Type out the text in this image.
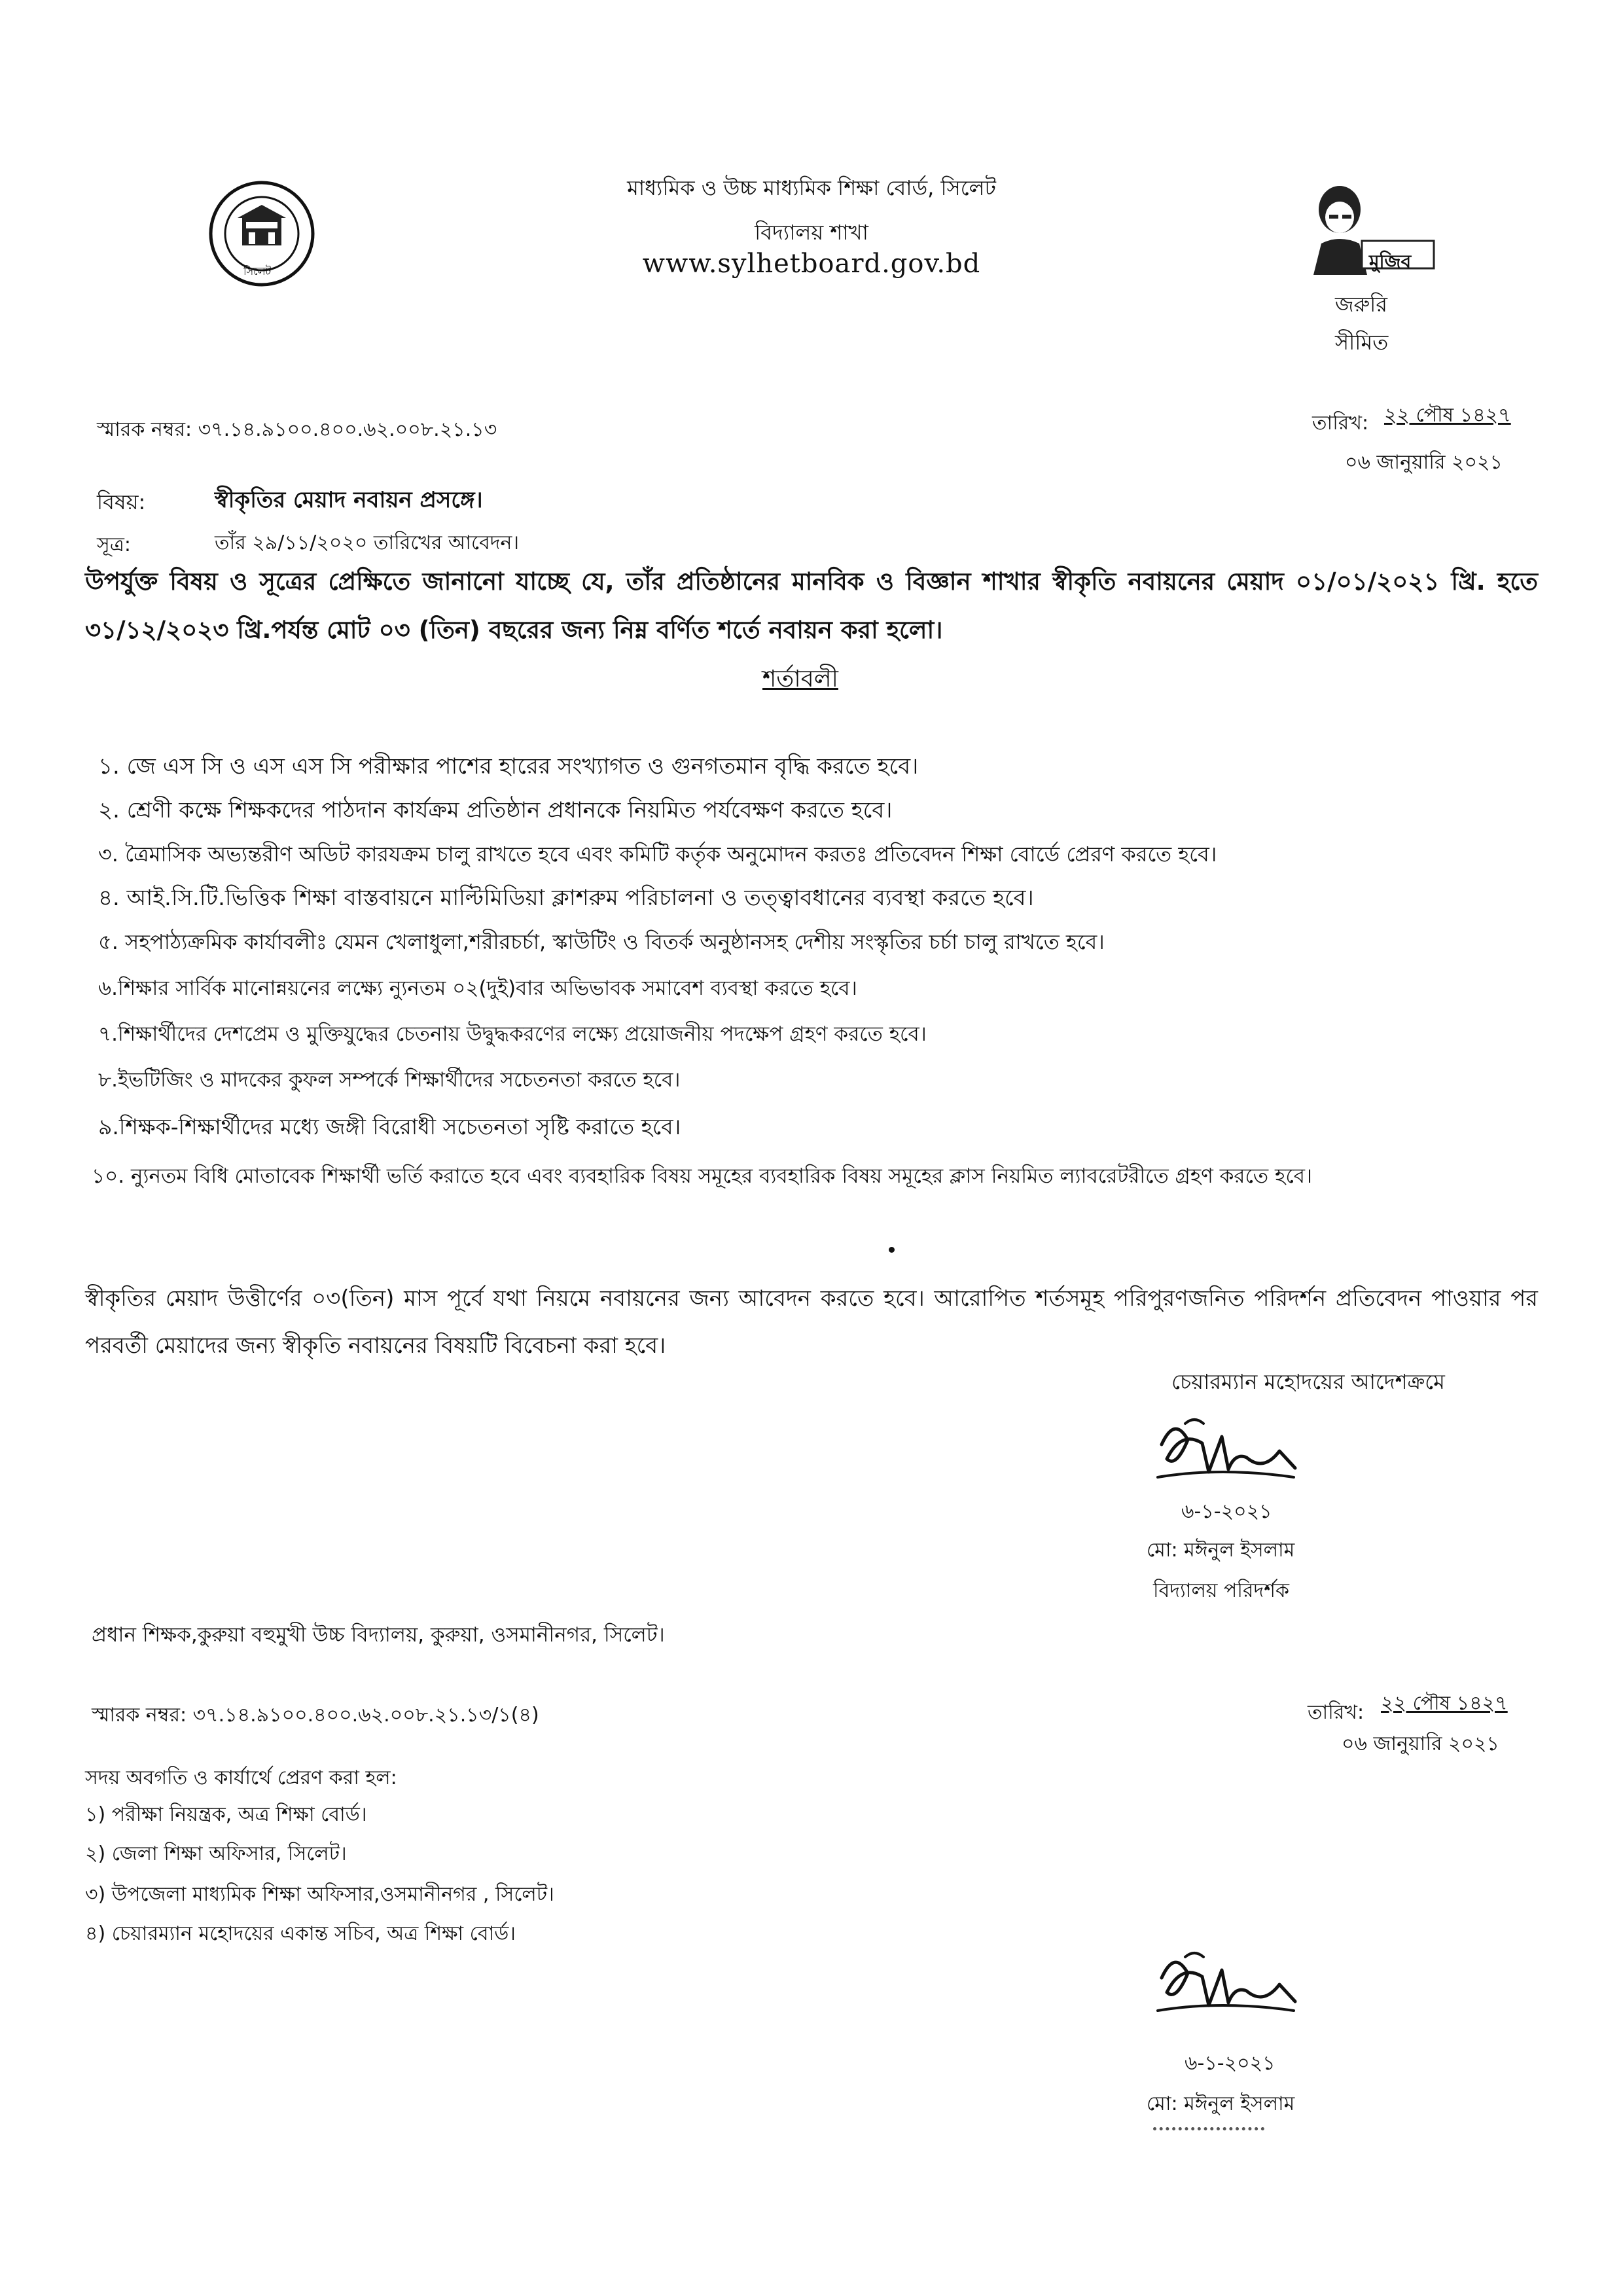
সিলেট
মাধ্যমিক ও উচ্চ মাধ্যমিক শিক্ষা বোর্ড, সিলেট
বিদ্যালয় শাখা
www.sylhetboard.gov.bd	মুজিব
জরুরি
সীমিত
স্মারক নম্বর: ৩৭.১৪.৯১০০.৪০০.৬২.০০৮.২১.১৩	তারিখ: ২২ পৌষ ১৪২৭
০৬ জানুয়ারি ২০২১
বিষয়:	স্বীকৃতির মেয়াদ নবায়ন প্রসঙ্গে।
সূত্র:	তাঁর ২৯/১১/২০২০ তারিখের আবেদন।
উপর্যুক্ত বিষয় ও সূত্রের প্রেক্ষিতে জানানো যাচ্ছে যে, তাঁর প্রতিষ্ঠানের মানবিক ও বিজ্ঞান শাখার স্বীকৃতি নবায়নের মেয়াদ ০১/০১/২০২১ খ্রি. হতে ৩১/১২/২০২৩ খ্রি.পর্যন্ত মোট ০৩ (তিন) বছরের জন্য নিম্ন বর্ণিত শর্তে নবায়ন করা হলো।
শর্তাবলী
১. জে এস সি ও এস এস সি পরীক্ষার পাশের হারের সংখ্যাগত ও গুনগতমান বৃদ্ধি করতে হবে।
২. শ্রেণী কক্ষে শিক্ষকদের পাঠদান কার্যক্রম প্রতিষ্ঠান প্রধানকে নিয়মিত পর্যবেক্ষণ করতে হবে।
৩. ত্রৈমাসিক অভ্যন্তরীণ অডিট কারযক্রম চালু রাখতে হবে এবং কমিটি কর্তৃক অনুমোদন করতঃ প্রতিবেদন শিক্ষা বোর্ডে প্রেরণ করতে হবে।
৪. আই.সি.টি.ভিত্তিক শিক্ষা বাস্তবায়নে মাল্টিমিডিয়া ক্লাশরুম পরিচালনা ও তত্ত্বাবধানের ব্যবস্থা করতে হবে।
৫. সহপাঠ্যক্রমিক কার্যাবলীঃ যেমন খেলাধুলা,শরীরচর্চা, স্কাউটিং ও বিতর্ক অনুষ্ঠানসহ দেশীয় সংস্কৃতির চর্চা চালু রাখতে হবে।
৬.শিক্ষার সার্বিক মানোন্নয়নের লক্ষ্যে ন্যুনতম ০২(দুই)বার অভিভাবক সমাবেশ ব্যবস্থা করতে হবে।
৭.শিক্ষার্থীদের দেশপ্রেম ও মুক্তিযুদ্ধের চেতনায় উদ্বুদ্ধকরণের লক্ষ্যে প্রয়োজনীয় পদক্ষেপ গ্রহণ করতে হবে।
৮.ইভটিজিং ও মাদকের কুফল সম্পর্কে শিক্ষার্থীদের সচেতনতা করতে হবে।
৯.শিক্ষক-শিক্ষার্থীদের মধ্যে জঙ্গী বিরোধী সচেতনতা সৃষ্টি করাতে হবে।
১০. ন্যুনতম বিধি মোতাবেক শিক্ষার্থী ভর্তি করাতে হবে এবং ব্যবহারিক বিষয় সমূহের ব্যবহারিক বিষয় সমূহের ক্লাস নিয়মিত ল্যাবরেটরীতে গ্রহণ করতে হবে।
স্বীকৃতির মেয়াদ উত্তীর্ণের ০৩(তিন) মাস পূর্বে যথা নিয়মে নবায়নের জন্য আবেদন করতে হবে। আরোপিত শর্তসমূহ পরিপুরণজনিত পরিদর্শন প্রতিবেদন পাওয়ার পর পরবর্তী মেয়াদের জন্য স্বীকৃতি নবায়নের বিষয়টি বিবেচনা করা হবে।
চেয়ারম্যান মহোদয়ের আদেশক্রমে
৬-১-২০২১
মো: মঈনুল ইসলাম
বিদ্যালয় পরিদর্শক
প্রধান শিক্ষক,কুরুয়া বহুমুখী উচ্চ বিদ্যালয়, কুরুয়া, ওসমানীনগর, সিলেট।
স্মারক নম্বর: ৩৭.১৪.৯১০০.৪০০.৬২.০০৮.২১.১৩/১(৪)	তারিখ: ২২ পৌষ ১৪২৭
০৬ জানুয়ারি ২০২১
সদয় অবগতি ও কার্যার্থে প্রেরণ করা হল:
১) পরীক্ষা নিয়ন্ত্রক, অত্র শিক্ষা বোর্ড।
২) জেলা শিক্ষা অফিসার, সিলেট।
৩) উপজেলা মাধ্যমিক শিক্ষা অফিসার,ওসমানীনগর , সিলেট।
৪) চেয়ারম্যান মহোদয়ের একান্ত সচিব, অত্র শিক্ষা বোর্ড।
৬-১-২০২১
মো: মঈনুল ইসলাম
